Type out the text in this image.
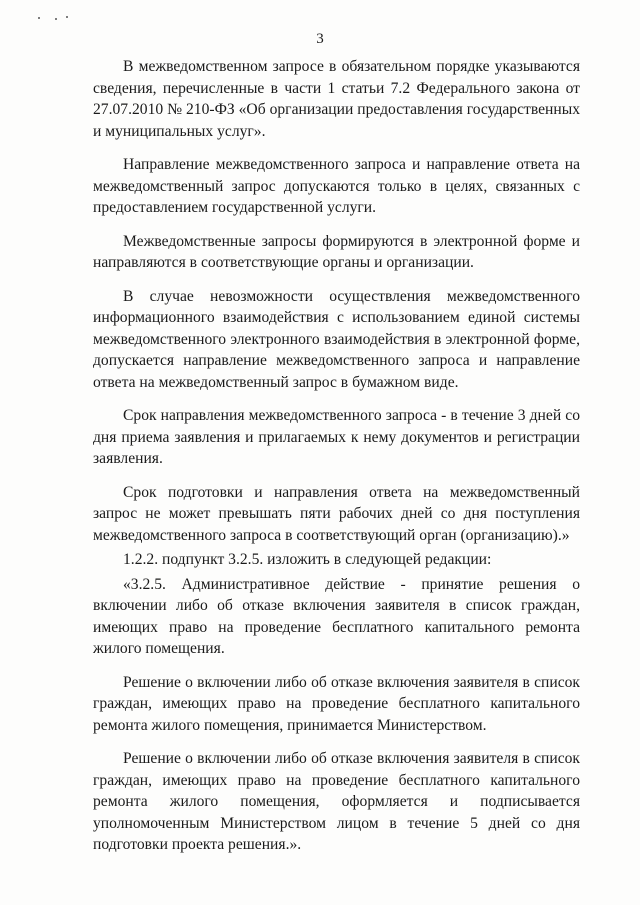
3

В межведомственном запросе в обязательном порядке указываются сведения, перечисленные в части 1 статьи 7.2 Федерального закона от 27.07.2010 № 210-ФЗ «Об организации предоставления государственных и муниципальных услуг».

Направление межведомственного запроса и направление ответа на межведомственный запрос допускаются только в целях, связанных с предоставлением государственной услуги.

Межведомственные запросы формируются в электронной форме и направляются в соответствующие органы и организации.

В случае невозможности осуществления межведомственного информационного взаимодействия с использованием единой системы межведомственного электронного взаимодействия в электронной форме, допускается направление межведомственного запроса и направление ответа на межведомственный запрос в бумажном виде.

Срок направления межведомственного запроса - в течение 3 дней со дня приема заявления и прилагаемых к нему документов и регистрации заявления.

Срок подготовки и направления ответа на межведомственный запрос не может превышать пяти рабочих дней со дня поступления межведомственного запроса в соответствующий орган (организацию).»

1.2.2. подпункт 3.2.5. изложить в следующей редакции:

«3.2.5. Административное действие - принятие решения о включении либо об отказе включения заявителя в список граждан, имеющих право на проведение бесплатного капитального ремонта жилого помещения.

Решение о включении либо об отказе включения заявителя в список граждан, имеющих право на проведение бесплатного капитального ремонта жилого помещения, принимается Министерством.

Решение о включении либо об отказе включения заявителя в список граждан, имеющих право на проведение бесплатного капитального ремонта жилого помещения, оформляется и подписывается уполномоченным Министерством лицом в течение 5 дней со дня подготовки проекта решения.».
